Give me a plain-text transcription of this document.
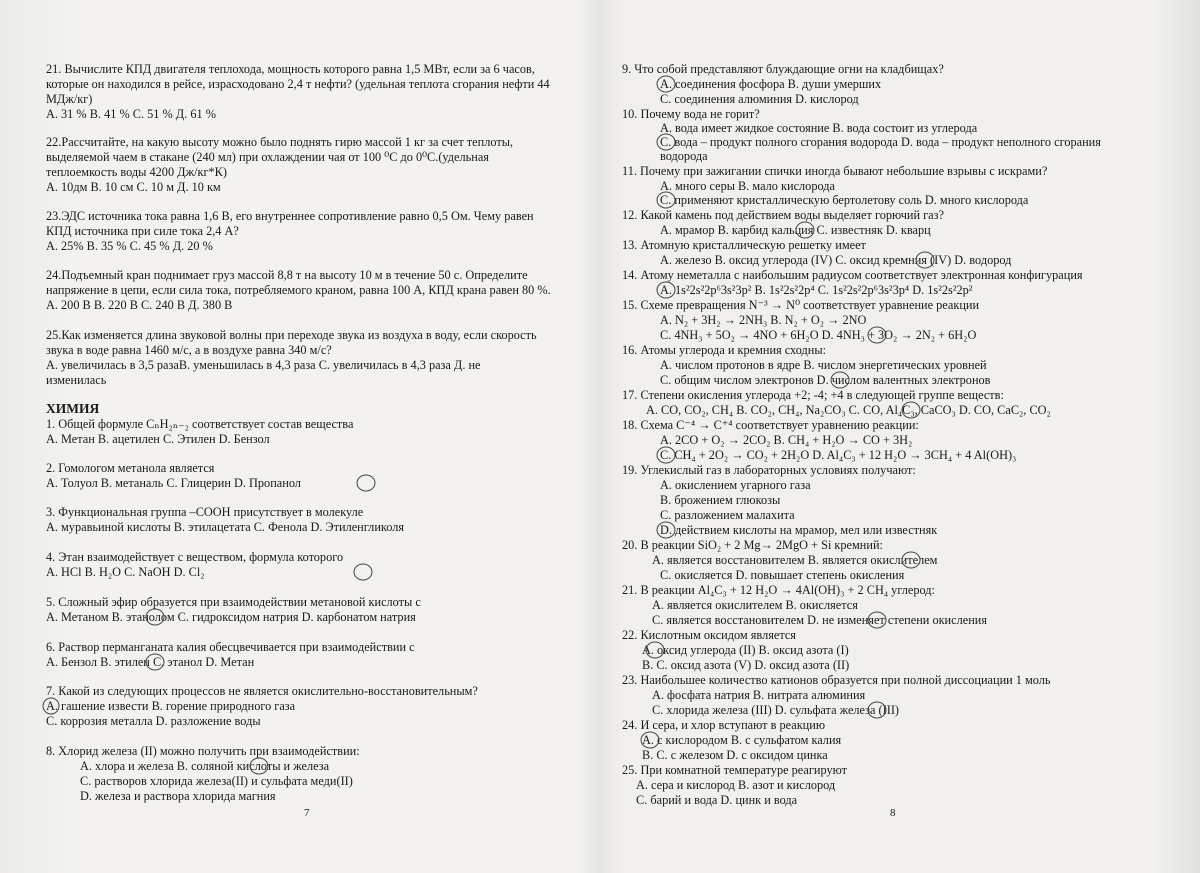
21. Вычислите КПД двигателя теплохода, мощность которого равна 1,5 МВт, если за 6 часов,
которые он находился в рейсе, израсходовано 2,4 т нефти? (удельная теплота сгорания нефти 44
МДж/кг)
А. 31 % В. 41 % С. 51 % Д. 61 %
22.Рассчитайте, на какую высоту можно было поднять гирю массой 1 кг за счет теплоты,
выделяемой чаем в стакане (240 мл) при охлаждении чая от 100 ⁰С до 0⁰С.(удельная
теплоемкость воды 4200 Дж/кг*К)
А. 10дм В. 10 см С. 10 м Д. 10 км
23.ЭДС источника тока равна 1,6 В, его внутреннее сопротивление равно 0,5 Ом. Чему равен
КПД источника при силе тока 2,4 А?
А. 25% В. 35 % С. 45 % Д. 20 %
24.Подъемный кран поднимает груз массой 8,8 т на высоту 10 м в течение 50 с. Определите
напряжение в цепи, если сила тока, потребляемого краном, равна 100 А, КПД крана равен 80 %.
А. 200 В В. 220 В С. 240 В Д. 380 В
25.Как изменяется длина звуковой волны при переходе звука из воздуха в воду, если скорость
звука в воде равна 1460 м/с, а в воздухе равна 340 м/с?
А. увеличилась в 3,5 разаВ. уменьшилась в 4,3 раза С. увеличилась в 4,3 раза Д. не
изменилась
ХИМИЯ
1. Общей формуле CₙH₂ₙ₋₂ соответствует состав вещества
А. Метан В. ацетилен С. Этилен D. Бензол
2. Гомологом метанола является
А. Толуол В. метаналь С. Глицерин D. Пропанол
3. Функциональная группа –СООН присутствует в молекуле
А. муравьиной кислоты В. этилацетата С. Фенола D. Этиленгликоля
4. Этан взаимодействует с веществом, формула которого
А. HCl В. H₂O С. NaOH D. Cl₂
5. Сложный эфир образуется при взаимодействии метановой кислоты с
А. Метаном В. этанолом С. гидроксидом натрия D. карбонатом натрия
6. Раствор перманганата калия обесцвечивается при взаимодействии с
А. Бензол В. этилен С. этанол D. Метан
7. Какой из следующих процессов не является окислительно-восстановительным?
А. гашение извести В. горение природного газа
С. коррозия металла D. разложение воды
8. Хлорид железа (II) можно получить при взаимодействии:
А. хлора и железа В. соляной кислоты и железа
С. растворов хлорида железа(II) и сульфата меди(II)
D. железа и раствора хлорида магния
7
9. Что собой представляют блуждающие огни на кладбищах?
А. соединения фосфора В. души умерших
С. соединения алюминия D. кислород
10. Почему вода не горит?
А. вода имеет жидкое состояние В. вода состоит из углерода
С. вода – продукт полного сгорания водорода D. вода – продукт неполного сгорания
водорода
11. Почему при зажигании спички иногда бывают небольшие взрывы с искрами?
А. много серы В. мало кислорода
С. применяют кристаллическую бертолетову соль D. много кислорода
12. Какой камень под действием воды выделяет горючий газ?
А. мрамор В. карбид кальция С. известняк D. кварц
13. Атомную кристаллическую решетку имеет
А. железо В. оксид углерода (IV) С. оксид кремния (IV) D. водород
14. Атому неметалла с наибольшим радиусом соответствует электронная конфигурация
А. 1s²2s²2p⁶3s²3p² В. 1s²2s²2p⁴ С. 1s²2s²2p⁶3s²3p⁴ D. 1s²2s²2p²
15. Схеме превращения N⁻³ → N⁰ соответствует уравнение реакции
А. N₂ + 3H₂ → 2NH₃ В. N₂ + O₂ → 2NO
С. 4NH₃ + 5O₂ → 4NO + 6H₂O D. 4NH₃ + 3O₂ → 2N₂ + 6H₂O
16. Атомы углерода и кремния сходны:
А. числом протонов в ядре В. числом энергетических уровней
С. общим числом электронов D. числом валентных электронов
17. Степени окисления углерода +2; -4; +4 в следующей группе веществ:
А. CO, CO₂, CH₄ В. CO₂, CH₄, Na₂CO₃ С. CO, Al₄C₃, CaCO₃ D. CO, CaC₂, CO₂
18. Схема C⁻⁴ → C⁺⁴ соответствует уравнению реакции:
А. 2CO + O₂ → 2CO₂ В. CH₄ + H₂O → CO + 3H₂
С. CH₄ + 2O₂ → CO₂ + 2H₂O D. Al₄C₃ + 12 H₂O → 3CH₄ + 4 Al(OH)₃
19. Углекислый газ в лабораторных условиях получают:
А. окислением угарного газа
В. брожением глюкозы
С. разложением малахита
D. действием кислоты на мрамор, мел или известняк
20. В реакции SiO₂ + 2 Mg→ 2MgO + Si кремний:
А. является восстановителем В. является окислителем
С. окисляется D. повышает степень окисления
21. В реакции Al₄C₃ + 12 H₂O → 4Al(OH)₃ + 2 CH₄ углерод:
А. является окислителем В. окисляется
С. является восстановителем D. не изменяет степени окисления
22. Кислотным оксидом является
А. оксид углерода (II) В. оксид азота (I)
В. С. оксид азота (V) D. оксид азота (II)
23. Наибольшее количество катионов образуется при полной диссоциации 1 моль
А. фосфата натрия В. нитрата алюминия
С. хлорида железа (III) D. сульфата железа (III)
24. И сера, и хлор вступают в реакцию
А. с кислородом В. с сульфатом калия
В. С. с железом D. с оксидом цинка
25. При комнатной температуре реагируют
А. сера и кислород В. азот и кислород
С. барий и вода D. цинк и вода
8
